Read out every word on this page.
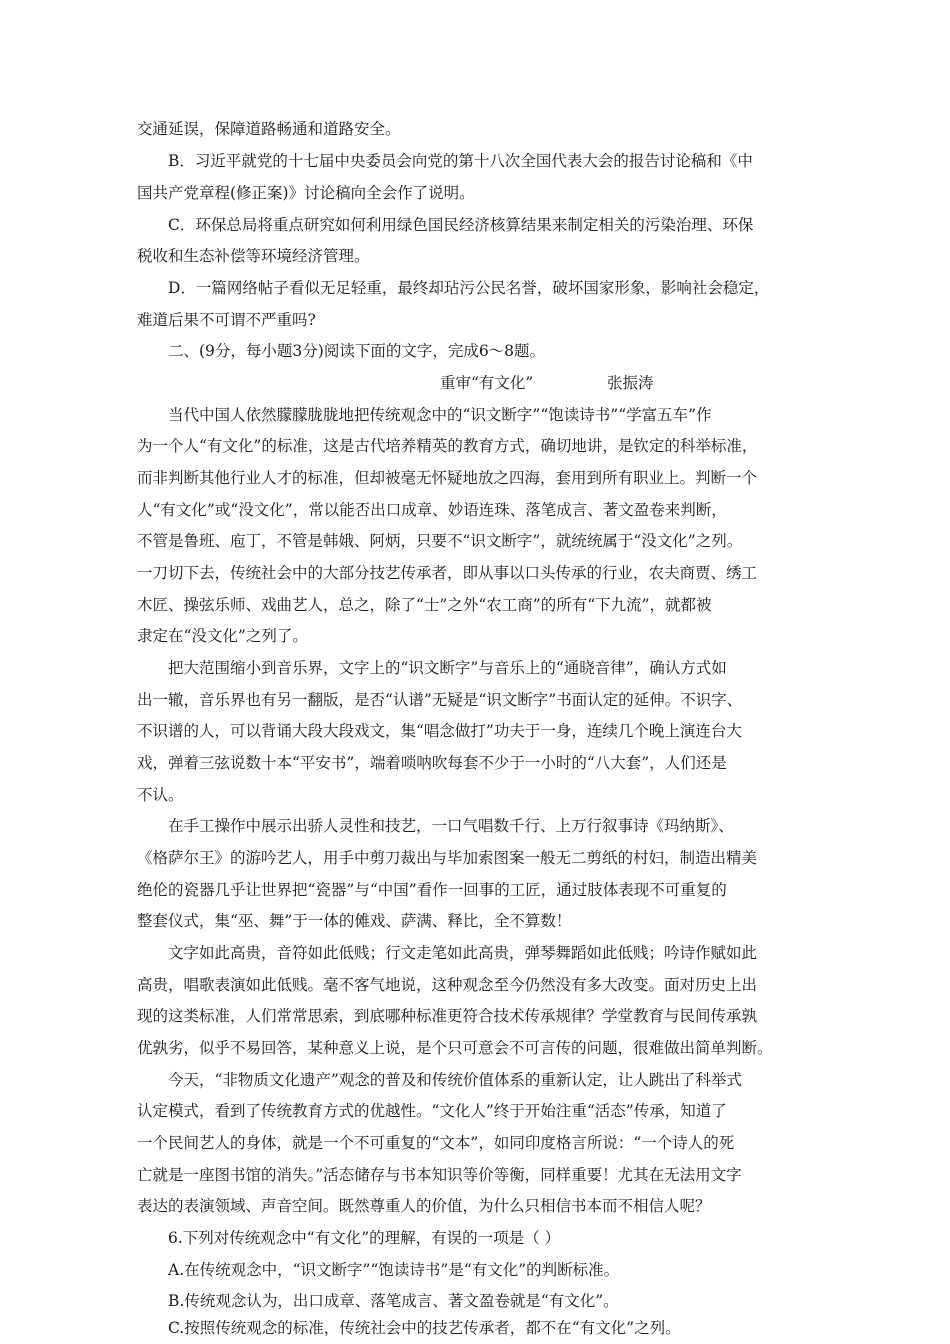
交通延误，保障道路畅通和道路安全。
B．习近平就党的十七届中央委员会向党的第十八次全国代表大会的报告讨论稿和《中
国共产党章程(修正案)》讨论稿向全会作了说明。
C．环保总局将重点研究如何利用绿色国民经济核算结果来制定相关的污染治理、环保
税收和生态补偿等环境经济管理。
D．一篇网络帖子看似无足轻重，最终却玷污公民名誉，破坏国家形象，影响社会稳定，
难道后果不可谓不严重吗?
二、(9分，每小题3分)阅读下面的文字，完成6～8题。
重审“有文化”	张振涛
当代中国人依然朦朦胧胧地把传统观念中的“识文断字”“饱读诗书”“学富五车”作
为一个人“有文化”的标准，这是古代培养精英的教育方式，确切地讲，是钦定的科举标准，
而非判断其他行业人才的标准，但却被毫无怀疑地放之四海，套用到所有职业上。判断一个
人“有文化”或“没文化”，常以能否出口成章、妙语连珠、落笔成言、著文盈卷来判断，
不管是鲁班、庖丁，不管是韩娥、阿炳，只要不“识文断字”，就统统属于“没文化”之列。
一刀切下去，传统社会中的大部分技艺传承者，即从事以口头传承的行业，农夫商贾、绣工
木匠、操弦乐师、戏曲艺人，总之，除了“士”之外“农工商”的所有“下九流”，就都被
隶定在“没文化”之列了。
把大范围缩小到音乐界，文字上的“识文断字”与音乐上的“通晓音律”，确认方式如
出一辙，音乐界也有另一翻版，是否“认谱”无疑是“识文断字”书面认定的延伸。不识字、
不识谱的人，可以背诵大段大段戏文，集“唱念做打”功夫于一身，连续几个晚上演连台大
戏，弹着三弦说数十本“平安书”，端着唢呐吹每套不少于一小时的“八大套”，人们还是
不认。
在手工操作中展示出骄人灵性和技艺，一口气唱数千行、上万行叙事诗《玛纳斯》、
《格萨尔王》的游吟艺人，用手中剪刀裁出与毕加索图案一般无二剪纸的村妇，制造出精美
绝伦的瓷器几乎让世界把“瓷器”与“中国”看作一回事的工匠，通过肢体表现不可重复的
整套仪式，集“巫、舞”于一体的傩戏、萨满、释比，全不算数！
文字如此高贵，音符如此低贱；行文走笔如此高贵，弹琴舞蹈如此低贱；吟诗作赋如此
高贵，唱歌表演如此低贱。毫不客气地说，这种观念至今仍然没有多大改变。面对历史上出
现的这类标准，人们常常思索，到底哪种标准更符合技术传承规律？学堂教育与民间传承孰
优孰劣，似乎不易回答，某种意义上说，是个只可意会不可言传的问题，很难做出简单判断。
今天，“非物质文化遗产”观念的普及和传统价值体系的重新认定，让人跳出了科举式
认定模式，看到了传统教育方式的优越性。“文化人”终于开始注重“活态”传承，知道了
一个民间艺人的身体，就是一个不可重复的“文本”，如同印度格言所说：“一个诗人的死
亡就是一座图书馆的消失。”活态储存与书本知识等价等衡，同样重要！尤其在无法用文字
表达的表演领域、声音空间。既然尊重人的价值，为什么只相信书本而不相信人呢？
6.下列对传统观念中“有文化”的理解，有误的一项是（ ）
A.在传统观念中，“识文断字”“饱读诗书”是“有文化”的判断标准。
B.传统观念认为，出口成章、落笔成言、著文盈卷就是“有文化”。
C.按照传统观念的标准，传统社会中的技艺传承者，都不在“有文化”之列。
